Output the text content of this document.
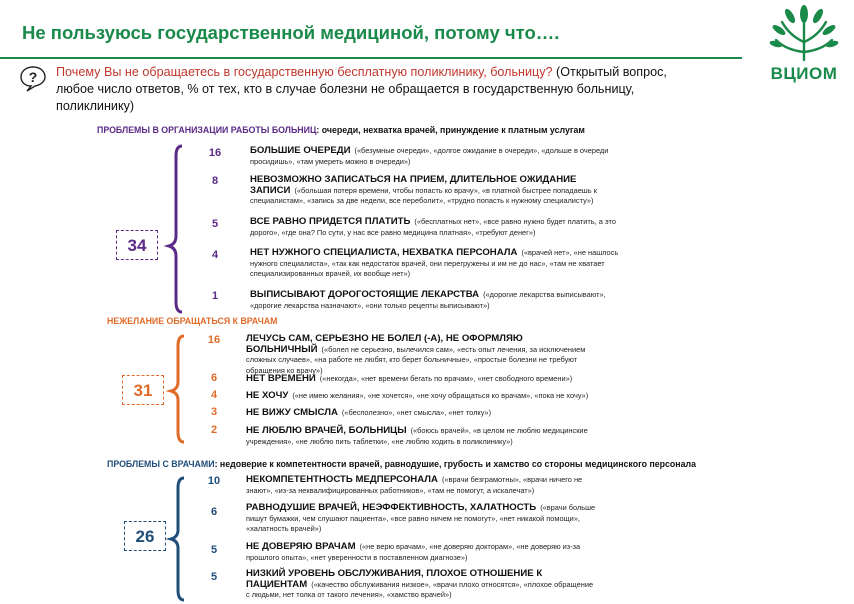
Не пользуюсь государственной медициной, потому что….
ВЦИОМ
? Почему Вы не обращаетесь в государственную бесплатную поликлинику, больницу? (Открытый вопрос, любое число ответов, % от тех, кто в случае болезни не обращается в государственную больницу, поликлинику)
ПРОБЛЕМЫ В ОРГАНИЗАЦИИ РАБОТЫ БОЛЬНИЦ: очереди, нехватка врачей, принуждение к платным услугам
34
16	БОЛЬШИЕ ОЧЕРЕДИ («безумные очереди», «долгое ожидание в очереди», «дольше в очереди просидишь», «там умереть можно в очереди»)
8	НЕВОЗМОЖНО ЗАПИСАТЬСЯ НА ПРИЕМ, ДЛИТЕЛЬНОЕ ОЖИДАНИЕ ЗАПИСИ («большая потеря времени, чтобы попасть ко врачу», «в платной быстрее попадаешь к специалистам», «запись за две недели, все переболит», «трудно попасть к нужному специалисту»)
5	ВСЕ РАВНО ПРИДЕТСЯ ПЛАТИТЬ («бесплатных нет», «все равно нужно будет платить, а это дорого», «где она? По сути, у нас все равно медицина платная», «требуют денег»)
4	НЕТ НУЖНОГО СПЕЦИАЛИСТА, НЕХВАТКА ПЕРСОНАЛА («врачей нет», «не нашлось нужного специалиста», «так как недостаток врачей, они перегружены и им не до нас», «там не хватает специализированных врачей, их вообще нет»)
1	ВЫПИСЫВАЮТ ДОРОГОСТОЯЩИЕ ЛЕКАРСТВА («дорогие лекарства выписывают», «дорогие лекарства назначают», «они только рецепты выписывают»)
НЕЖЕЛАНИЕ ОБРАЩАТЬСЯ К ВРАЧАМ
31
16	ЛЕЧУСЬ САМ, СЕРЬЕЗНО НЕ БОЛЕЛ (-А), НЕ ОФОРМЛЯЮ БОЛЬНИЧНЫЙ («болел не серьезно, вылечился сам», «есть опыт лечения, за исключением сложных случаев», «на работе не любят, кто берет больничные», «простые болезни не требуют обращения ко врачу»)
6	НЕТ ВРЕМЕНИ («некогда», «нет времени бегать по врачам», «нет свободного времени»)
4	НЕ ХОЧУ («не имею желания», «не хочется», «не хочу обращаться ко врачам», «пока не хочу»)
3	НЕ ВИЖУ СМЫСЛА («бесполезно», «нет смысла», «нет толку»)
2	НЕ ЛЮБЛЮ ВРАЧЕЙ, БОЛЬНИЦЫ («боюсь врачей», «в целом не люблю медицинские учреждения», «не люблю пить таблетки», «не люблю ходить в поликлинику»)
ПРОБЛЕМЫ С ВРАЧАМИ: недоверие к компетентности врачей, равнодушие, грубость и хамство со стороны медицинского персонала
26
10	НЕКОМПЕТЕНТНОСТЬ МЕДПЕРСОНАЛА («врачи безграмотны», «врачи ничего не знают», «из-за неквалифицированных работников», «там не помогут, а искалечат»)
6	РАВНОДУШИЕ ВРАЧЕЙ, НЕЭФФЕКТИВНОСТЬ, ХАЛАТНОСТЬ («врачи больше пишут бумажки, чем слушают пациента», «все равно ничем не помогут», «нет никакой помощи», «халатность врачей»)
5	НЕ ДОВЕРЯЮ ВРАЧАМ («не верю врачам», «не доверяю докторам», «не доверяю из-за прошлого опыта», «нет уверенности в поставленном диагнозе»)
5	НИЗКИЙ УРОВЕНЬ ОБСЛУЖИВАНИЯ, ПЛОХОЕ ОТНОШЕНИЕ К ПАЦИЕНТАМ («качество обслуживания низкое», «врачи плохо относятся», «плохое обращение с людьми, нет толка от такого лечения», «хамство врачей»)
